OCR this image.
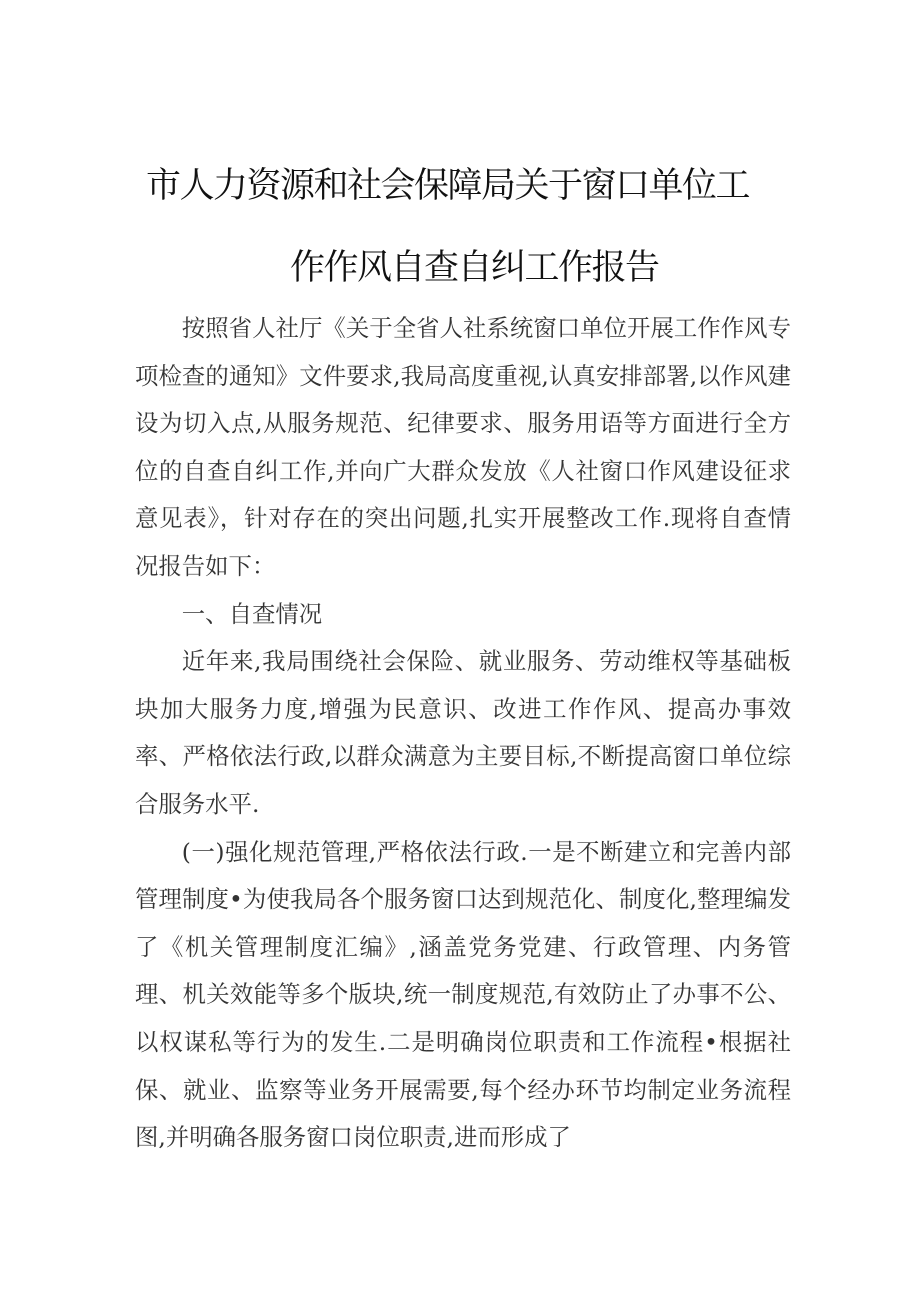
市人力资源和社会保障局关于窗口单位工
作作风自查自纠工作报告

按照省人社厅《关于全省人社系统窗口单位开展工作作风专项检查的通知》文件要求,我局高度重视,认真安排部署,以作风建设为切入点,从服务规范、纪律要求、服务用语等方面进行全方位的自查自纠工作,并向广大群众发放《人社窗口作风建设征求意见表》，针对存在的突出问题,扎实开展整改工作.现将自查情况报告如下：

一、自查情况

近年来,我局围绕社会保险、就业服务、劳动维权等基础板块加大服务力度,增强为民意识、改进工作作风、提高办事效率、严格依法行政,以群众满意为主要目标,不断提高窗口单位综合服务水平.

(一)强化规范管理,严格依法行政.一是不断建立和完善内部管理制度•为使我局各个服务窗口达到规范化、制度化,整理编发了《机关管理制度汇编》,涵盖党务党建、行政管理、内务管理、机关效能等多个版块,统一制度规范,有效防止了办事不公、以权谋私等行为的发生.二是明确岗位职责和工作流程•根据社保、就业、监察等业务开展需要,每个经办环节均制定业务流程图,并明确各服务窗口岗位职责,进而形成了
